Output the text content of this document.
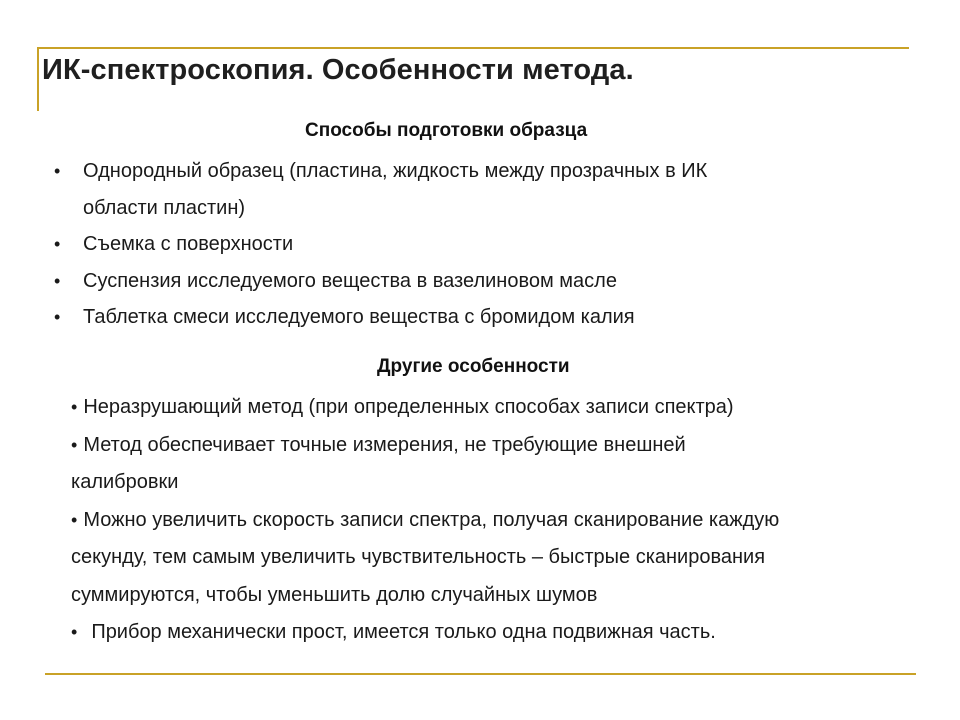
ИК-спектроскопия. Особенности метода.
Способы подготовки образца
• Однородный образец (пластина, жидкость между прозрачных в ИК
области пластин)
• Съемка с поверхности
• Суспензия исследуемого вещества в вазелиновом масле
• Таблетка смеси исследуемого вещества с бромидом калия
Другие особенности
• Неразрушающий метод (при определенных способах записи спектра)
• Метод обеспечивает точные измерения, не требующие внешней
калибровки
• Можно увеличить скорость записи спектра, получая сканирование каждую
секунду, тем самым увеличить чувствительность – быстрые сканирования
суммируются, чтобы уменьшить долю случайных шумов
• Прибор механически прост, имеется только одна подвижная часть.
